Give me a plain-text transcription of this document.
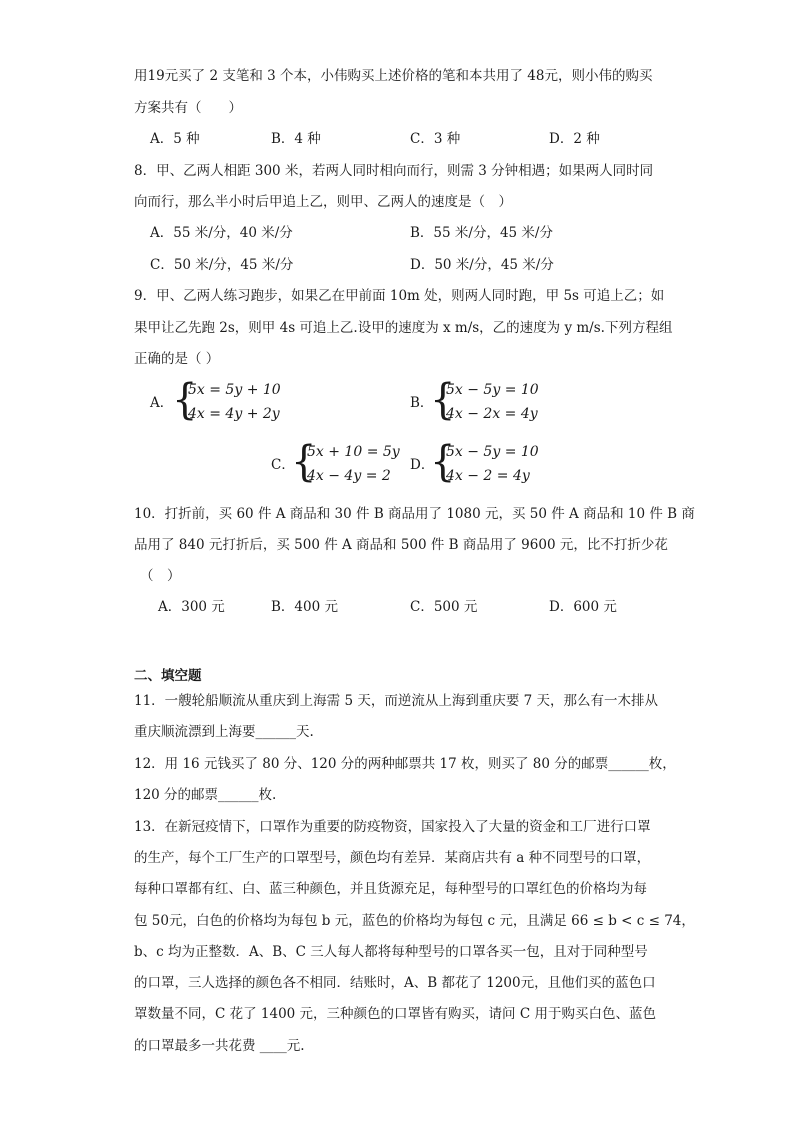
用19元买了 2 支笔和 3 个本，小伟购买上述价格的笔和本共用了 48元，则小伟的购买
方案共有（　　）
A．5 种	B．4 种	C．3 种	D．2 种
8．甲、乙两人相距 300 米，若两人同时相向而行，则需 3 分钟相遇；如果两人同时同
向而行，那么半小时后甲追上乙，则甲、乙两人的速度是（　）
A．55 米/分，40 米/分	B．55 米/分，45 米/分
C．50 米/分，45 米/分	D．50 米/分，45 米/分
9．甲、乙两人练习跑步，如果乙在甲前面 10m 处，则两人同时跑，甲 5s 可追上乙；如
果甲让乙先跑 2s，则甲 4s 可追上乙.设甲的速度为 x m/s，乙的速度为 y m/s.下列方程组
正确的是（ ）
A．
{
5x = 5y + 10
4x = 4y + 2y
B．
{
5x − 5y = 10
4x − 2x = 4y
C．
{
5x + 10 = 5y
4x − 4y = 2
D．
{
5x − 5y = 10
4x − 2 = 4y
10．打折前，买 60 件 A 商品和 30 件 B 商品用了 1080 元，买 50 件 A 商品和 10 件 B 商
品用了 840 元打折后，买 500 件 A 商品和 500 件 B 商品用了 9600 元，比不打折少花
（　）
A．300 元	B．400 元	C．500 元	D．600 元
二、填空题
11．一艘轮船顺流从重庆到上海需 5 天，而逆流从上海到重庆要 7 天，那么有一木排从
重庆顺流漂到上海要______天.
12．用 16 元钱买了 80 分、120 分的两种邮票共 17 枚，则买了 80 分的邮票______枚，
120 分的邮票______枚.
13．在新冠疫情下，口罩作为重要的防疫物资，国家投入了大量的资金和工厂进行口罩
的生产，每个工厂生产的口罩型号，颜色均有差异．某商店共有 a 种不同型号的口罩，
每种口罩都有红、白、蓝三种颜色，并且货源充足，每种型号的口罩红色的价格均为每
包 50元，白色的价格均为每包 b 元，蓝色的价格均为每包 c 元，且满足 66 ≤ b < c ≤ 74，
b、c 均为正整数．A、B、C 三人每人都将每种型号的口罩各买一包，且对于同种型号
的口罩，三人选择的颜色各不相同．结账时，A、B 都花了 1200元，且他们买的蓝色口
罩数量不同，C 花了 1400 元，三种颜色的口罩皆有购买，请问 C 用于购买白色、蓝色
的口罩最多一共花费 ____元.
